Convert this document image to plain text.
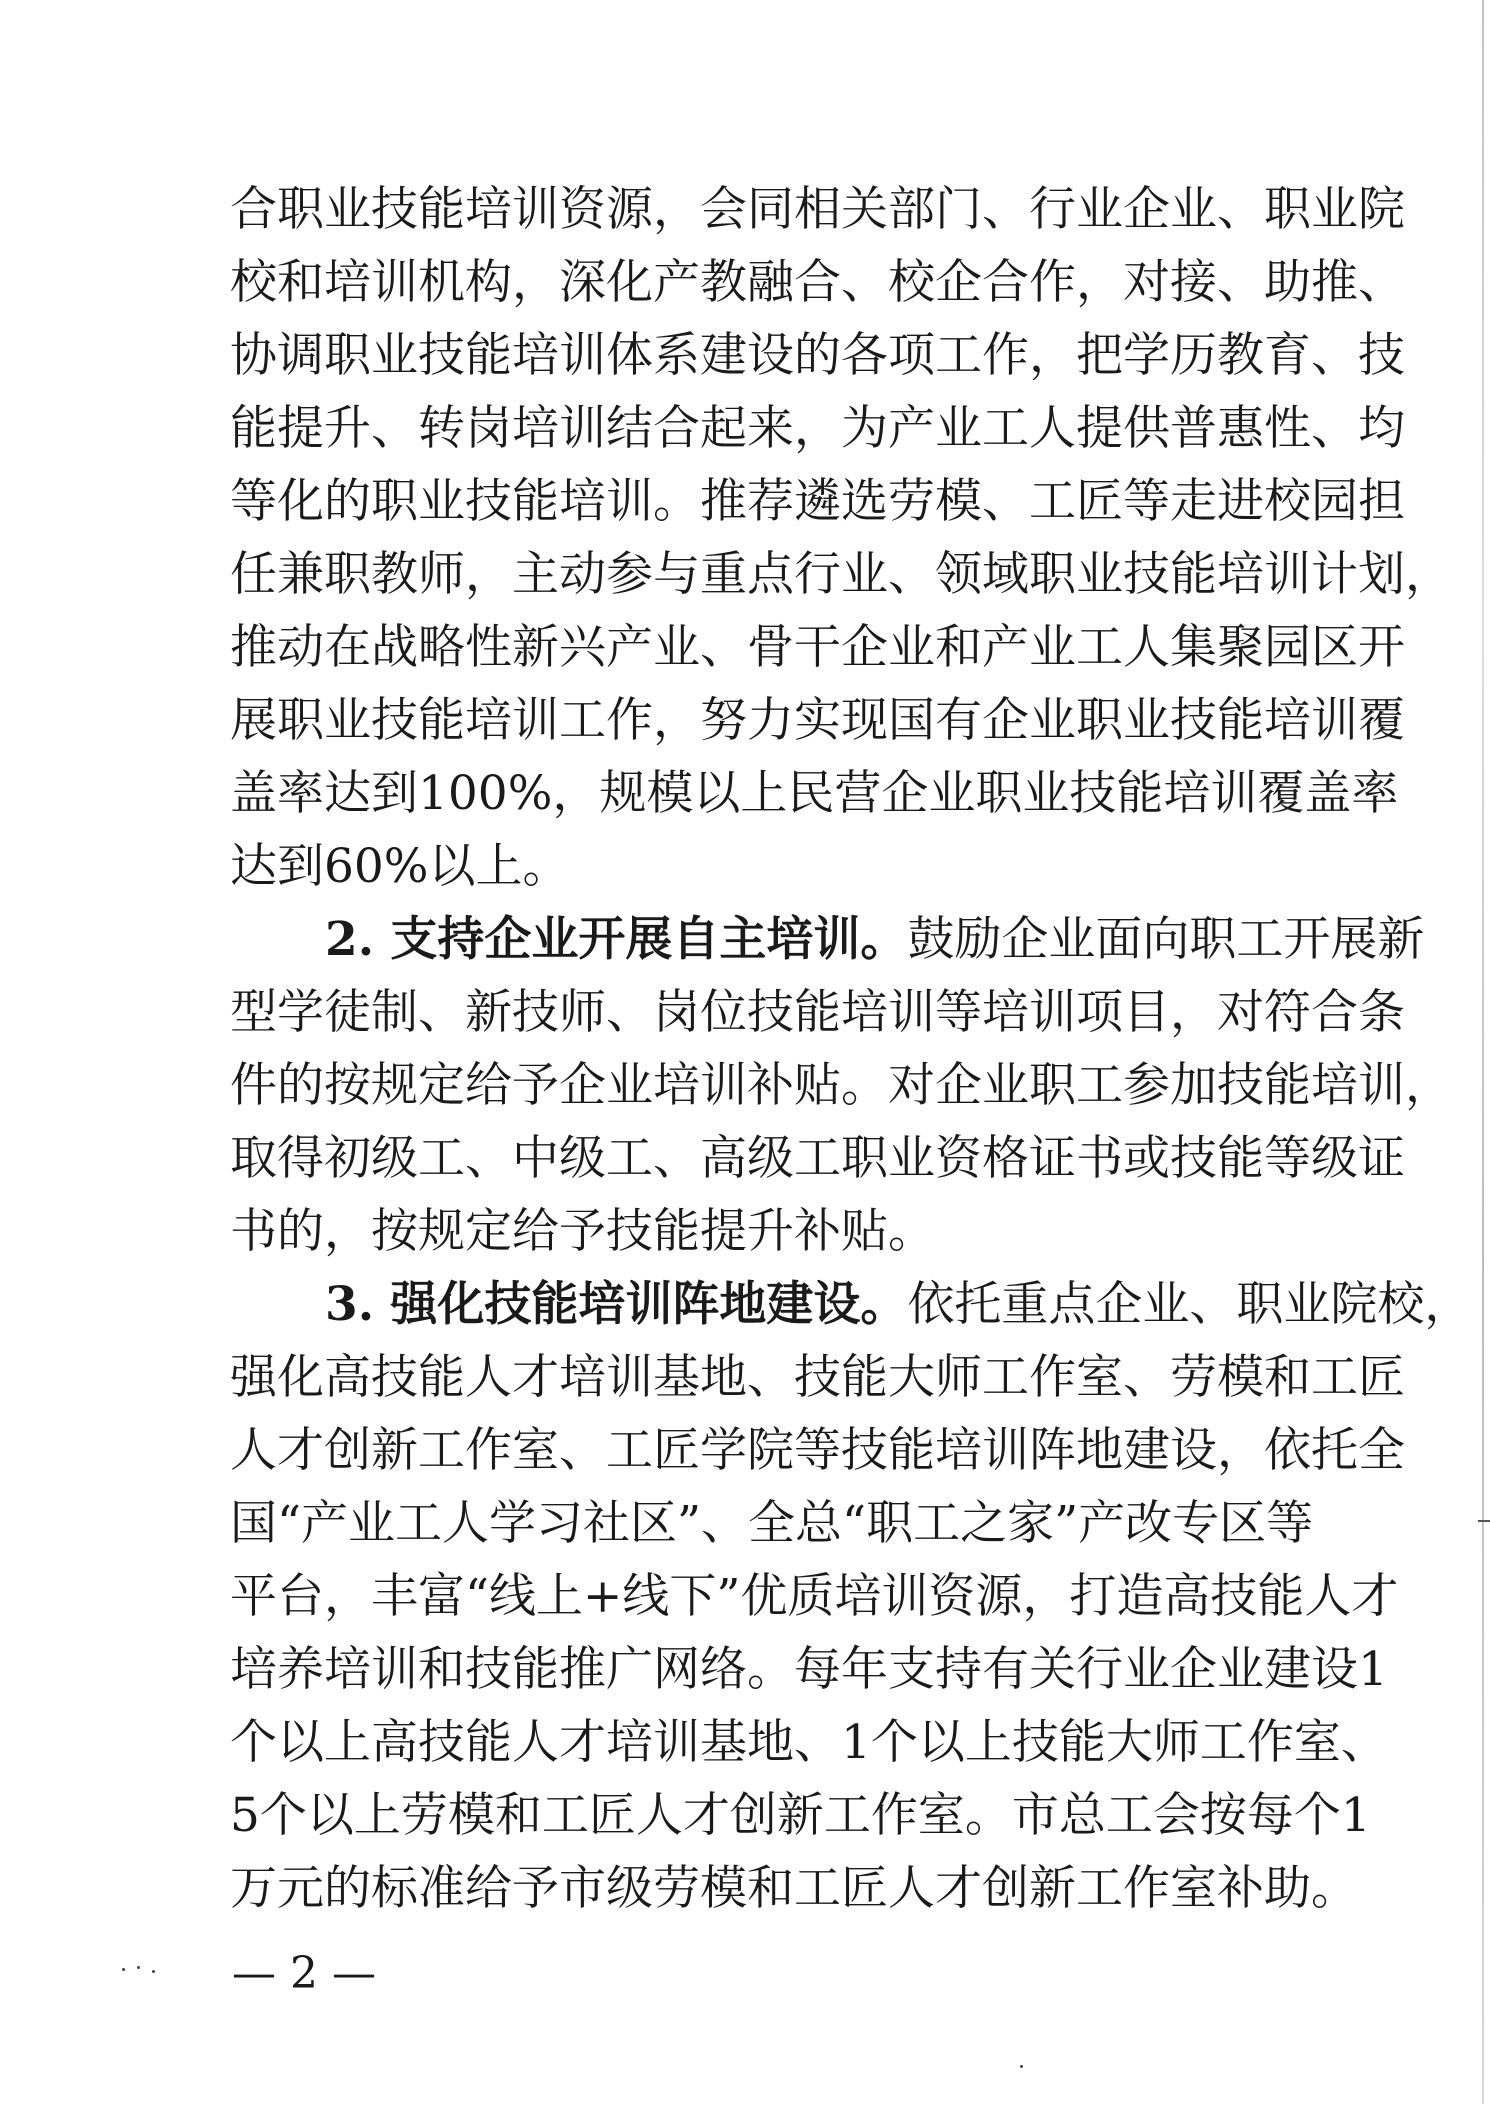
合职业技能培训资源，会同相关部门、行业企业、职业院
校和培训机构，深化产教融合、校企合作，对接、助推、
协调职业技能培训体系建设的各项工作，把学历教育、技
能提升、转岗培训结合起来，为产业工人提供普惠性、均
等化的职业技能培训。推荐遴选劳模、工匠等走进校园担
任兼职教师，主动参与重点行业、领域职业技能培训计划，
推动在战略性新兴产业、骨干企业和产业工人集聚园区开
展职业技能培训工作，努力实现国有企业职业技能培训覆
盖率达到100%，规模以上民营企业职业技能培训覆盖率
达到60%以上。
2. 支持企业开展自主培训。鼓励企业面向职工开展新
型学徒制、新技师、岗位技能培训等培训项目，对符合条
件的按规定给予企业培训补贴。对企业职工参加技能培训，
取得初级工、中级工、高级工职业资格证书或技能等级证
书的，按规定给予技能提升补贴。
3. 强化技能培训阵地建设。依托重点企业、职业院校，
强化高技能人才培训基地、技能大师工作室、劳模和工匠
人才创新工作室、工匠学院等技能培训阵地建设，依托全
国“产业工人学习社区”、全总“职工之家”产改专区等
平台，丰富“线上+线下”优质培训资源，打造高技能人才
培养培训和技能推广网络。每年支持有关行业企业建设1
个以上高技能人才培训基地、1个以上技能大师工作室、
5个以上劳模和工匠人才创新工作室。市总工会按每个1
万元的标准给予市级劳模和工匠人才创新工作室补助。
— 2 —
